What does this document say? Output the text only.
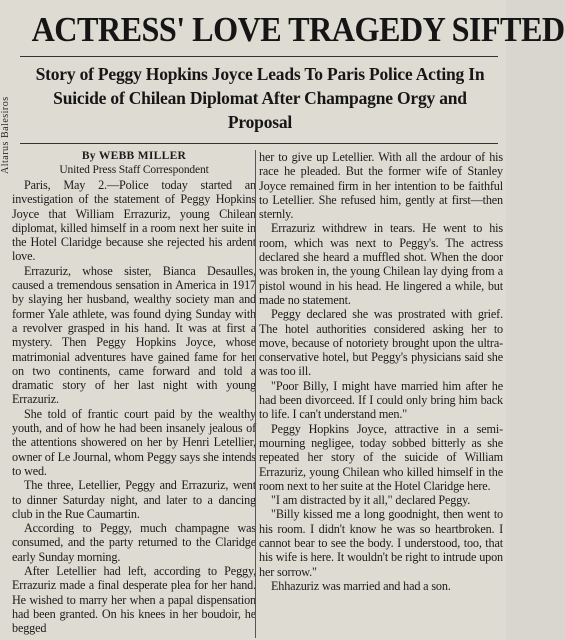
Altarus Balesiros
ACTRESS' LOVE TRAGEDY SIFTED
Story of Peggy Hopkins Joyce Leads To Paris Police Acting In Suicide of Chilean Diplomat After Champagne Orgy and Proposal
By WEBB MILLER
United Press Staff Correspondent

Paris, May 2.—Police today started an investigation of the statement of Peggy Hopkins Joyce that William Errazuriz, young Chilean diplomat, killed himself in a room next her suite in the Hotel Claridge because she rejected his ardent love.

Errazuriz, whose sister, Bianca Desaulles, caused a tremendous sensation in America in 1917 by slaying her husband, wealthy society man and former Yale athlete, was found dying Sunday with a revolver grasped in his hand. It was at first a mystery. Then Peggy Hopkins Joyce, whose matrimonial adventures have gained fame for her on two continents, came forward and told a dramatic story of her last night with young Errazuriz.

She told of frantic court paid by the wealthy youth, and of how he had been insanely jealous of the attentions showered on her by Henri Letellier, owner of Le Journal, whom Peggy says she intends to wed.

The three, Letellier, Peggy and Errazuriz, went to dinner Saturday night, and later to a dancing club in the Rue Caumartin.

According to Peggy, much champagne was consumed, and the party returned to the Claridge early Sunday morning.

After Letellier had left, according to Peggy, Errazuriz made a final desperate plea for her hand. He wished to marry her when a papal dispensation had been granted. On his knees in her boudoir, he begged

her to give up Letellier. With all the ardour of his race he pleaded. But the former wife of Stanley Joyce remained firm in her intention to be faithful to Letellier. She refused him, gently at first—then sternly.

Errazuriz withdrew in tears. He went to his room, which was next to Peggy's. The actress declared she heard a muffled shot. When the door was broken in, the young Chilean lay dying from a pistol wound in his head. He lingered a while, but made no statement.

Peggy declared she was prostrated with grief. The hotel authorities considered asking her to move, because of notoriety brought upon the ultra-conservative hotel, but Peggy's physicians said she was too ill.

"Poor Billy, I might have married him after he had been divorceed. If I could only bring him back to life. I can't understand men."

Peggy Hopkins Joyce, attractive in a semi-mourning negligee, today sobbed bitterly as she repeated her story of the suicide of William Errazuriz, young Chilean who killed himself in the room next to her suite at the Hotel Claridge here.

"I am distracted by it all," declared Peggy.

"Billy kissed me a long goodnight, then went to his room. I didn't know he was so heartbroken. I cannot bear to see the body. I understood, too, that his wife is here. It wouldn't be right to intrude upon her sorrow."

Ehhazuriz was married and had a son.
